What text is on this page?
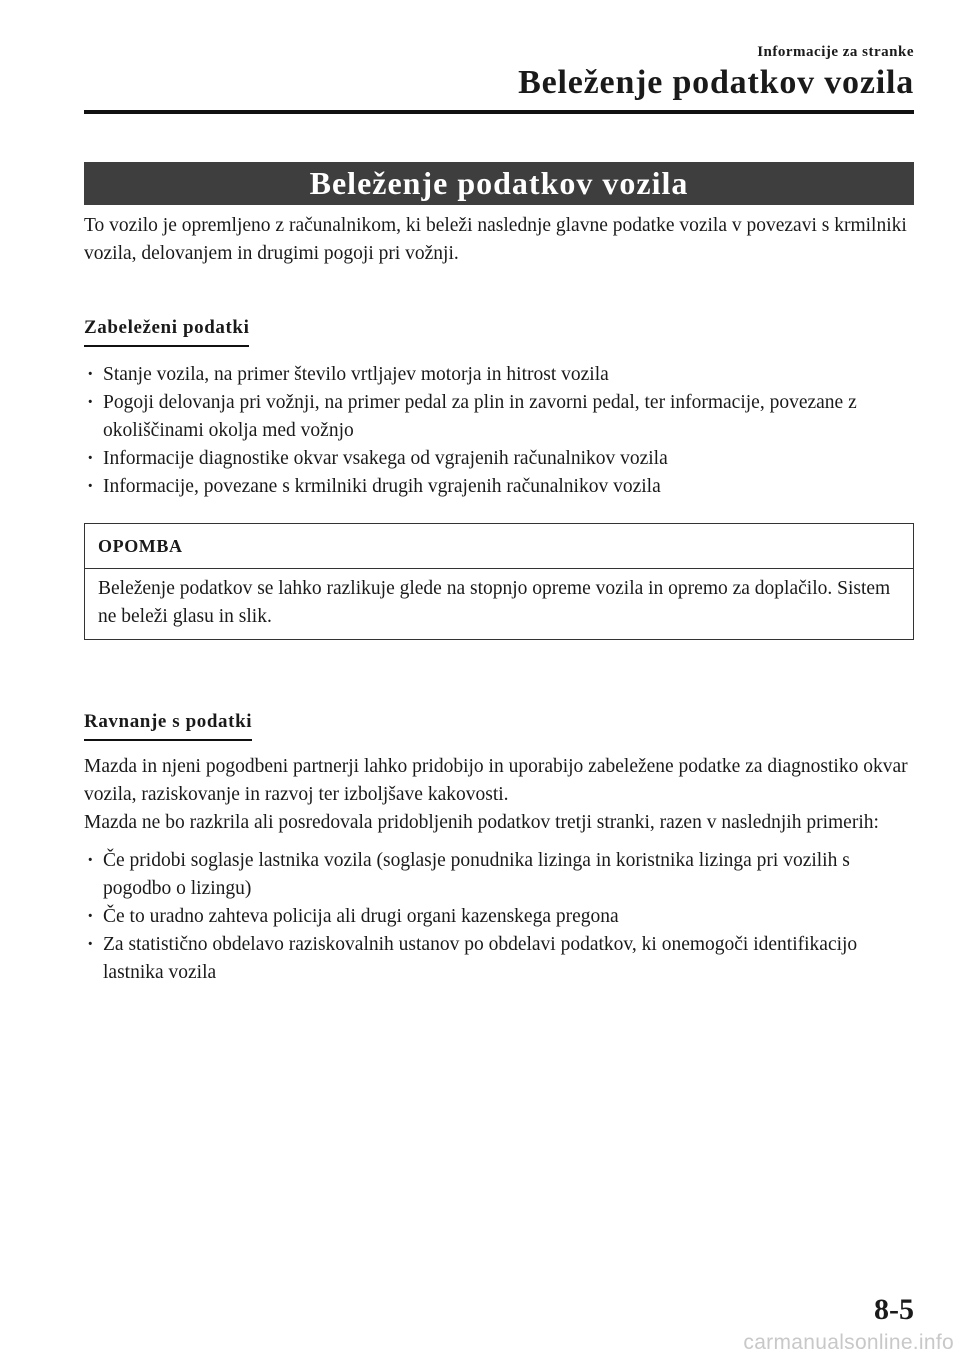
Informacije za stranke
Beleženje podatkov vozila
Beleženje podatkov vozila

To vozilo je opremljeno z računalnikom, ki beleži naslednje glavne podatke vozila v povezavi s krmilniki vozila, delovanjem in drugimi pogoji pri vožnji.

Zabeleženi podatki
· Stanje vozila, na primer število vrtljajev motorja in hitrost vozila
· Pogoji delovanja pri vožnji, na primer pedal za plin in zavorni pedal, ter informacije, povezane z okoliščinami okolja med vožnjo
· Informacije diagnostike okvar vsakega od vgrajenih računalnikov vozila
· Informacije, povezane s krmilniki drugih vgrajenih računalnikov vozila
OPOMBA
Beleženje podatkov se lahko razlikuje glede na stopnjo opreme vozila in opremo za doplačilo. Sistem ne beleži glasu in slik.
Ravnanje s podatki

Mazda in njeni pogodbeni partnerji lahko pridobijo in uporabijo zabeležene podatke za diagnostiko okvar vozila, raziskovanje in razvoj ter izboljšave kakovosti.

Mazda ne bo razkrila ali posredovala pridobljenih podatkov tretji stranki, razen v naslednjih primerih:

· Če pridobi soglasje lastnika vozila (soglasje ponudnika lizinga in koristnika lizinga pri vozilih s pogodbo o lizingu)
· Če to uradno zahteva policija ali drugi organi kazenskega pregona
· Za statistično obdelavo raziskovalnih ustanov po obdelavi podatkov, ki onemogoči identifikacijo lastnika vozila
8-5
carmanualsonline.info
